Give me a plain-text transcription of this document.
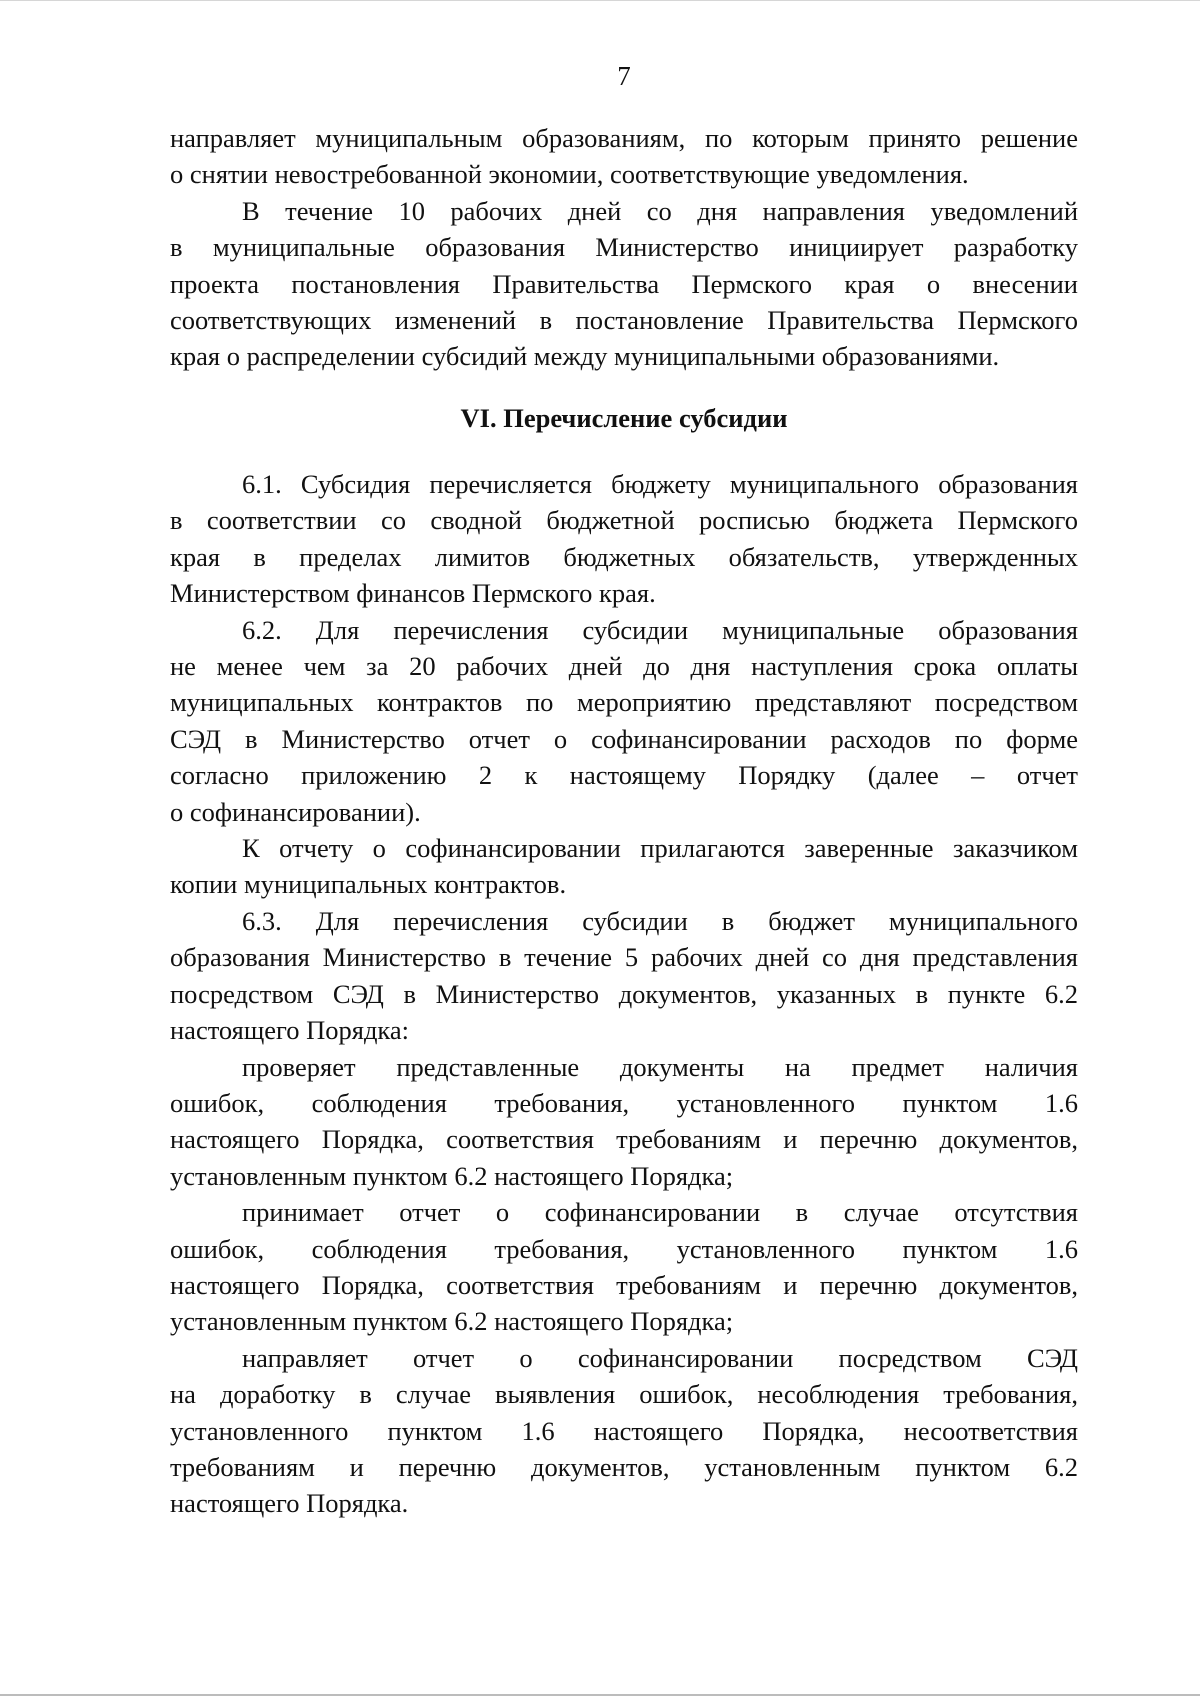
7
направляет муниципальным образованиям, по которым принято решение
о снятии невостребованной экономии, соответствующие уведомления.
В течение 10 рабочих дней со дня направления уведомлений
в муниципальные образования Министерство инициирует разработку
проекта постановления Правительства Пермского края о внесении
соответствующих изменений в постановление Правительства Пермского
края о распределении субсидий между муниципальными образованиями.
VI. Перечисление субсидии
6.1. Субсидия перечисляется бюджету муниципального образования
в соответствии со сводной бюджетной росписью бюджета Пермского
края в пределах лимитов бюджетных обязательств, утвержденных
Министерством финансов Пермского края.
6.2. Для перечисления субсидии муниципальные образования
не менее чем за 20 рабочих дней до дня наступления срока оплаты
муниципальных контрактов по мероприятию представляют посредством
СЭД в Министерство отчет о софинансировании расходов по форме
согласно приложению 2 к настоящему Порядку (далее – отчет
о софинансировании).
К отчету о софинансировании прилагаются заверенные заказчиком
копии муниципальных контрактов.
6.3. Для перечисления субсидии в бюджет муниципального
образования Министерство в течение 5 рабочих дней со дня представления
посредством СЭД в Министерство документов, указанных в пункте 6.2
настоящего Порядка:
проверяет представленные документы на предмет наличия
ошибок, соблюдения требования, установленного пунктом 1.6
настоящего Порядка, соответствия требованиям и перечню документов,
установленным пунктом 6.2 настоящего Порядка;
принимает отчет о софинансировании в случае отсутствия
ошибок, соблюдения требования, установленного пунктом 1.6
настоящего Порядка, соответствия требованиям и перечню документов,
установленным пунктом 6.2 настоящего Порядка;
направляет отчет о софинансировании посредством СЭД
на доработку в случае выявления ошибок, несоблюдения требования,
установленного пунктом 1.6 настоящего Порядка, несоответствия
требованиям и перечню документов, установленным пунктом 6.2
настоящего Порядка.
